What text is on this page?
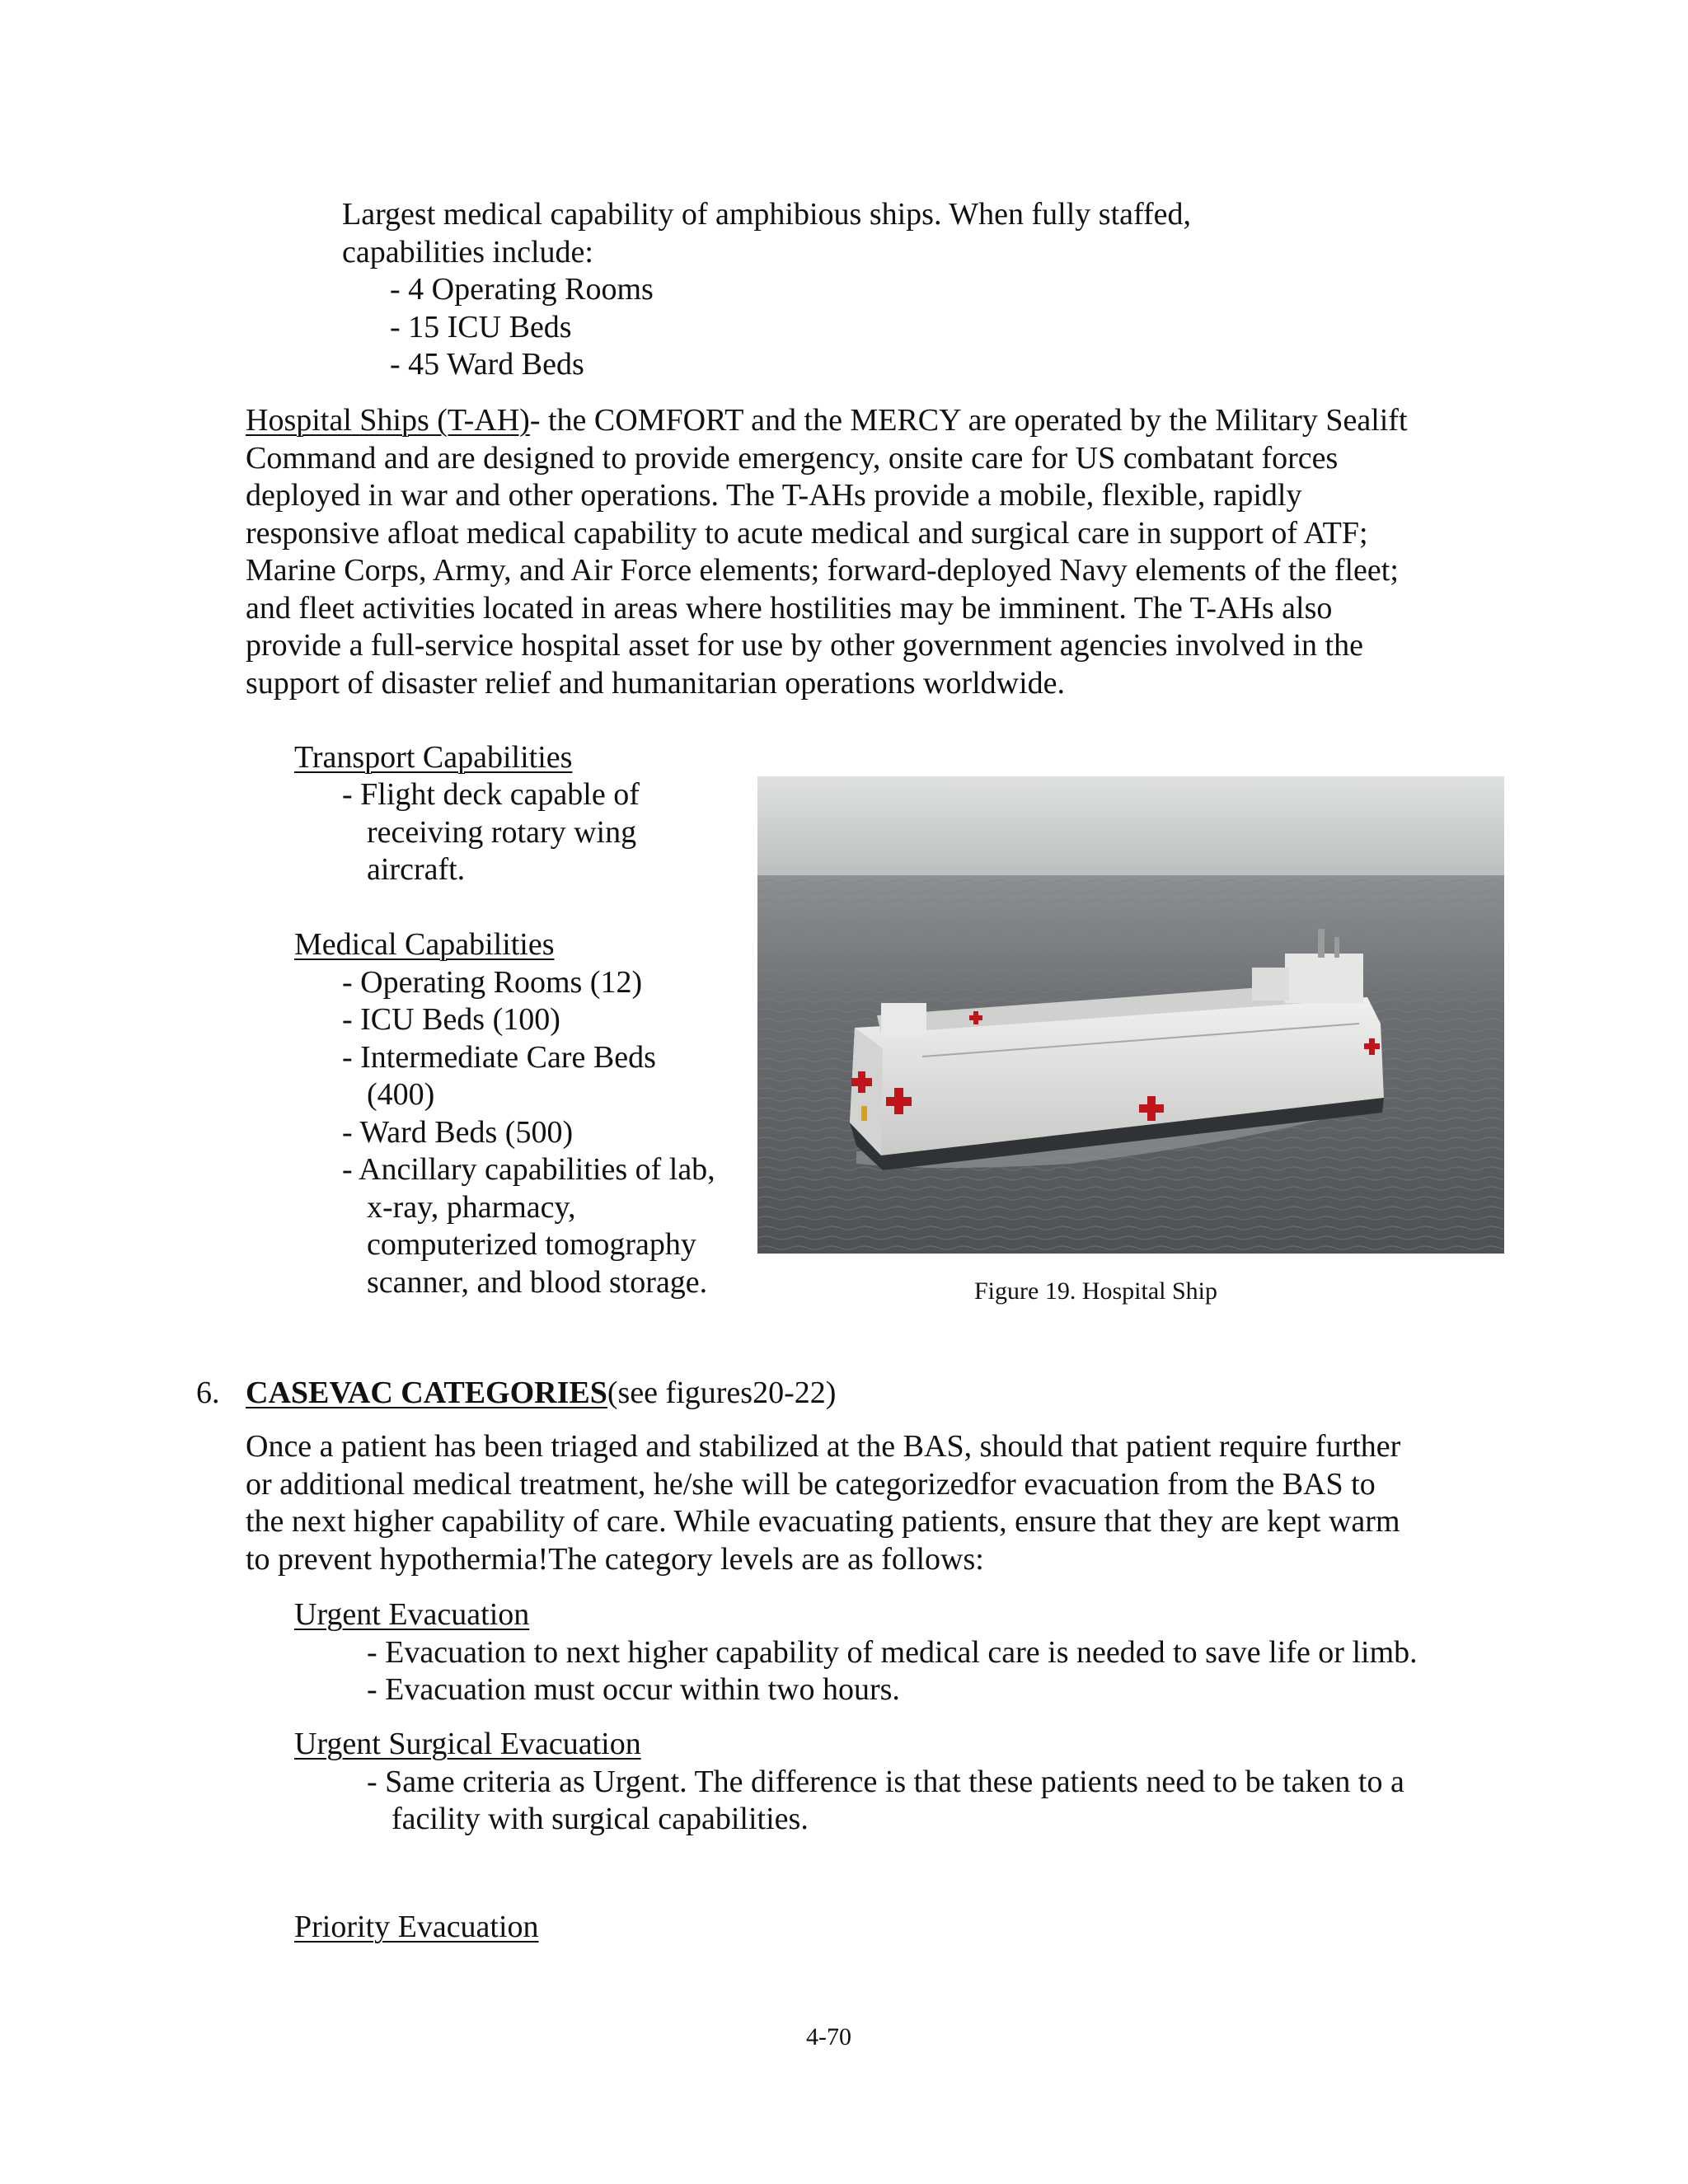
Largest medical capability of amphibious ships. When fully staffed,
capabilities include:
- 4 Operating Rooms
- 15 ICU Beds
- 45 Ward Beds
Hospital Ships (T-AH)- the COMFORT and the MERCY are operated by the Military Sealift
Command and are designed to provide emergency, onsite care for US combatant forces
deployed in war and other operations. The T-AHs provide a mobile, flexible, rapidly
responsive afloat medical capability to acute medical and surgical care in support of ATF;
Marine Corps, Army, and Air Force elements; forward-deployed Navy elements of the fleet;
and fleet activities located in areas where hostilities may be imminent. The T-AHs also
provide a full-service hospital asset for use by other government agencies involved in the
support of disaster relief and humanitarian operations worldwide.
Transport Capabilities
- Flight deck capable of
receiving rotary wing
aircraft.
Medical Capabilities
- Operating Rooms (12)
- ICU Beds (100)
- Intermediate Care Beds
(400)
- Ward Beds (500)
- Ancillary capabilities of lab,
x-ray, pharmacy,
computerized tomography
scanner, and blood storage.	Figure 19. Hospital Ship
6. CASEVAC CATEGORIES(see figures20-22)
Once a patient has been triaged and stabilized at the BAS, should that patient require further
or additional medical treatment, he/she will be categorizedfor evacuation from the BAS to
the next higher capability of care. While evacuating patients, ensure that they are kept warm
to prevent hypothermia!The category levels are as follows:
Urgent Evacuation
- Evacuation to next higher capability of medical care is needed to save life or limb.
- Evacuation must occur within two hours.
Urgent Surgical Evacuation
- Same criteria as Urgent. The difference is that these patients need to be taken to a
facility with surgical capabilities.
Priority Evacuation
4-70
